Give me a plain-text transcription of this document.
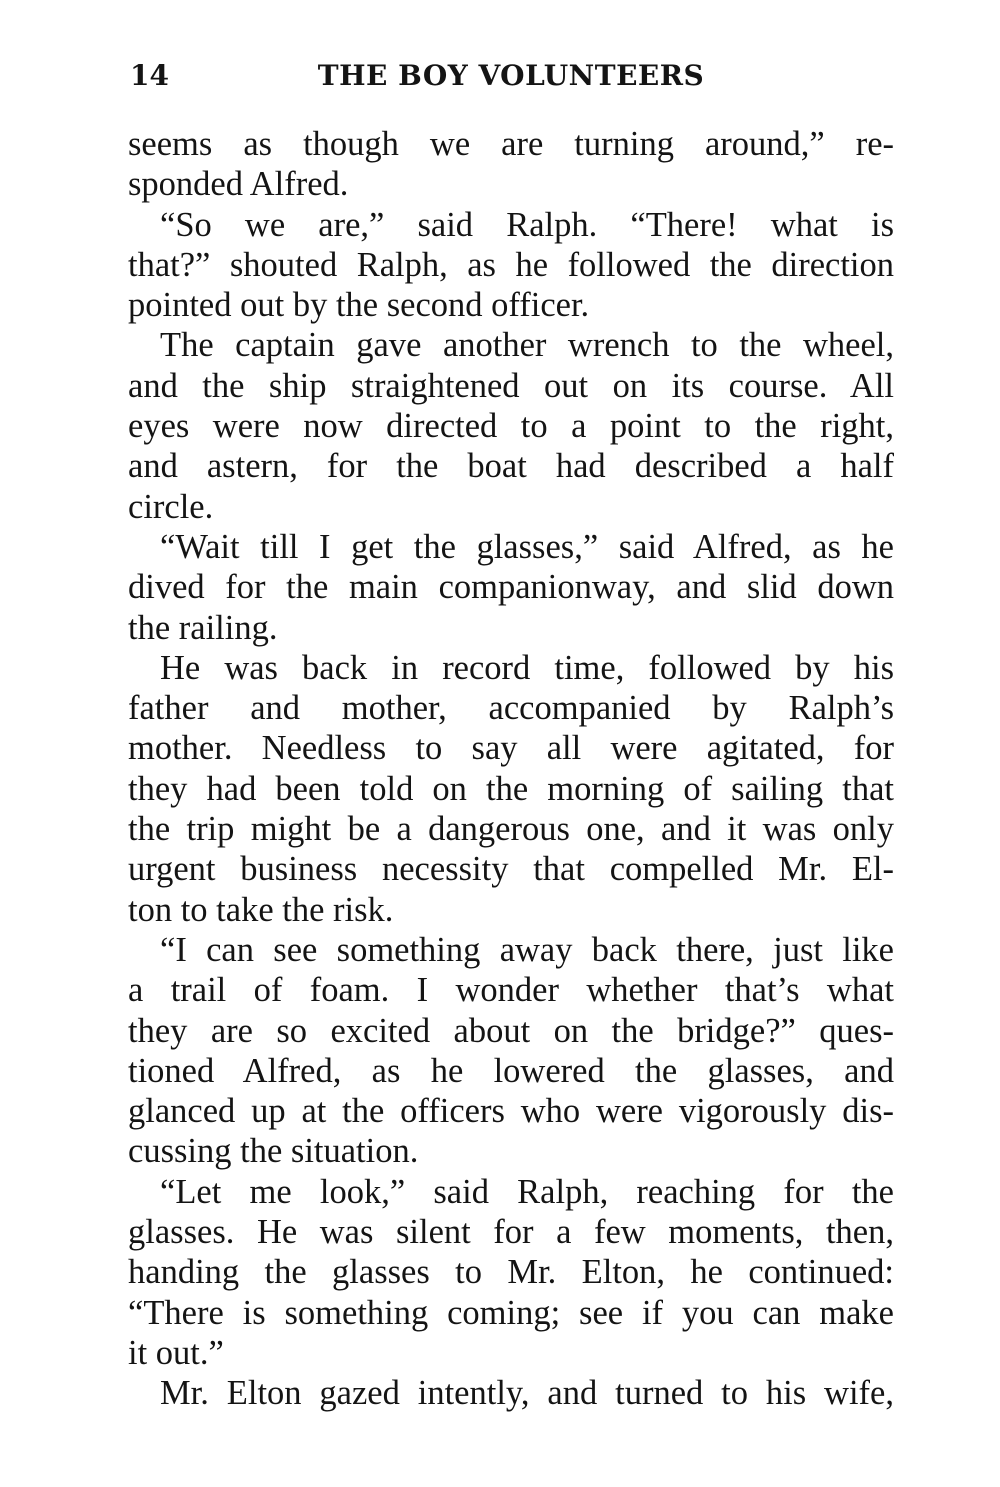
14	THE BOY VOLUNTEERS
seems as though we are turning around,” re-
sponded Alfred.
“So we are,” said Ralph. “There! what is
that?” shouted Ralph, as he followed the direction
pointed out by the second officer.
The captain gave another wrench to the wheel,
and the ship straightened out on its course. All
eyes were now directed to a point to the right,
and astern, for the boat had described a half
circle.
“Wait till I get the glasses,” said Alfred, as he
dived for the main companionway, and slid down
the railing.
He was back in record time, followed by his
father and mother, accompanied by Ralph’s
mother. Needless to say all were agitated, for
they had been told on the morning of sailing that
the trip might be a dangerous one, and it was only
urgent business necessity that compelled Mr. El-
ton to take the risk.
“I can see something away back there, just like
a trail of foam. I wonder whether that’s what
they are so excited about on the bridge?” ques-
tioned Alfred, as he lowered the glasses, and
glanced up at the officers who were vigorously dis-
cussing the situation.
“Let me look,” said Ralph, reaching for the
glasses. He was silent for a few moments, then,
handing the glasses to Mr. Elton, he continued:
“There is something coming; see if you can make
it out.”
Mr. Elton gazed intently, and turned to his wife,
